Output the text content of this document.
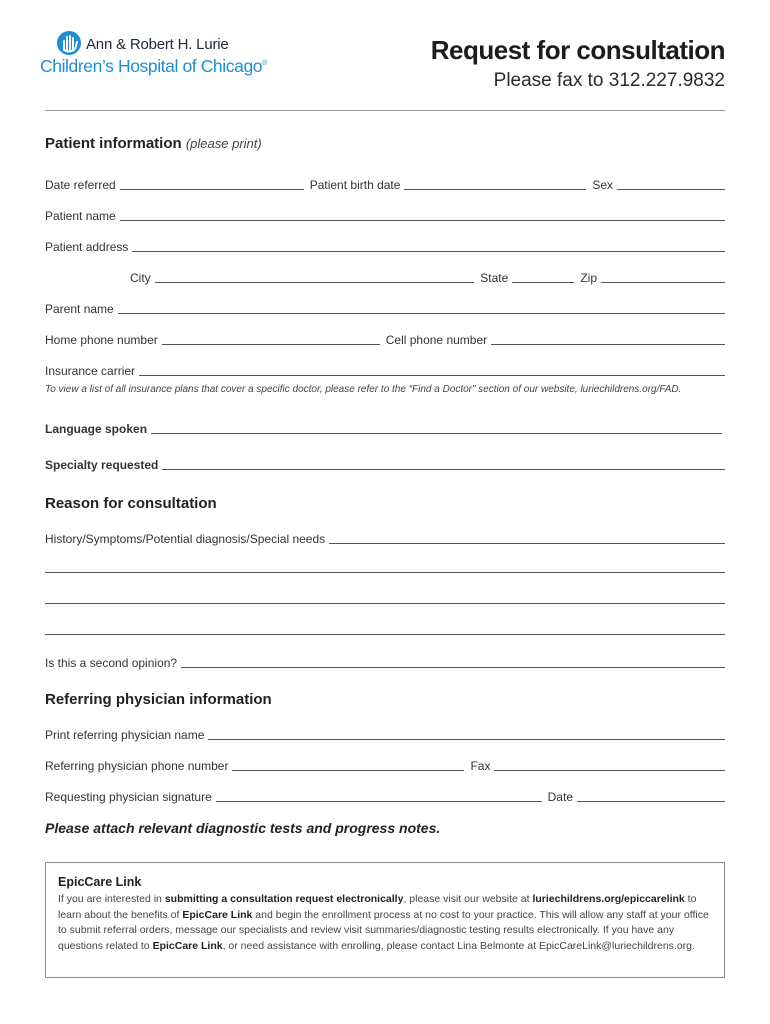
Ann & Robert H. Lurie
Children’s Hospital of Chicago®	Request for consultation
Please fax to 312.227.9832
Patient information (please print)
Date referred	Patient birth date	Sex
Patient name
Patient address
City	State	Zip
Parent name
Home phone number	Cell phone number
Insurance carrier
To view a list of all insurance plans that cover a specific doctor, please refer to the “Find a Doctor” section of our website, luriechildrens.org/FAD.
Language spoken
Specialty requested
Reason for consultation
History/Symptoms/Potential diagnosis/Special needs
Is this a second opinion?
Referring physician information
Print referring physician name
Referring physician phone number	Fax
Requesting physician signature	Date
Please attach relevant diagnostic tests and progress notes.
EpicCare Link
If you are interested in submitting a consultation request electronically, please visit our website at luriechildrens.org/epiccarelink to learn about the benefits of EpicCare Link and begin the enrollment process at no cost to your practice. This will allow any staff at your office to submit referral orders, message our specialists and review visit summaries/diagnostic testing results electronically. If you have any questions related to EpicCare Link, or need assistance with enrolling, please contact Lina Belmonte at EpicCareLink@luriechildrens.org.
